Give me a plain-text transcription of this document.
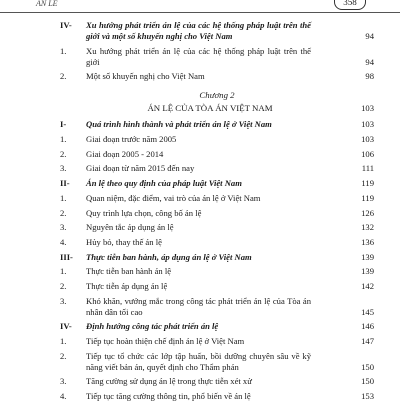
AN LE	358
IV-	Xu hướng phát triển án lệ của các hệ thống pháp luật trên thế giới và một số khuyến nghị cho Việt Nam	94
1.	Xu hướng phát triển án lệ của các hệ thống pháp luật trên thế giới	94
2.	Một số khuyến nghị cho Việt Nam	98
Chương 2
ÁN LỆ CỦA TÒA ÁN VIỆT NAM	103
I-	Quá trình hình thành và phát triển án lệ ở Việt Nam	103
1.	Giai đoạn trước năm 2005	103
2.	Giai đoạn 2005 - 2014	106
3.	Giai đoạn từ năm 2015 đến nay	111
II-	Án lệ theo quy định của pháp luật Việt Nam	119
1.	Quan niệm, đặc điểm, vai trò của án lệ ở Việt Nam	119
2.	Quy trình lựa chọn, công bố án lệ	126
3.	Nguyên tắc áp dụng án lệ	132
4.	Hủy bỏ, thay thế án lệ	136
III-	Thực tiễn ban hành, áp dụng án lệ ở Việt Nam	139
1.	Thực tiễn ban hành án lệ	139
2.	Thực tiễn áp dụng án lệ	142
3.	Khó khăn, vướng mắc trong công tác phát triển án lệ của Tòa án nhân dân tối cao	145
IV-	Định hướng công tác phát triển án lệ	146
1.	Tiếp tục hoàn thiện chế định án lệ ở Việt Nam	147
2.	Tiếp tục tổ chức các lớp tập huấn, bồi dưỡng chuyên sâu về kỹ năng viết bản án, quyết định cho Thẩm phán	150
3.	Tăng cường sử dụng án lệ trong thực tiễn xét xử	150
4.	Tiếp tục tăng cường thông tin, phổ biến về án lệ	153
